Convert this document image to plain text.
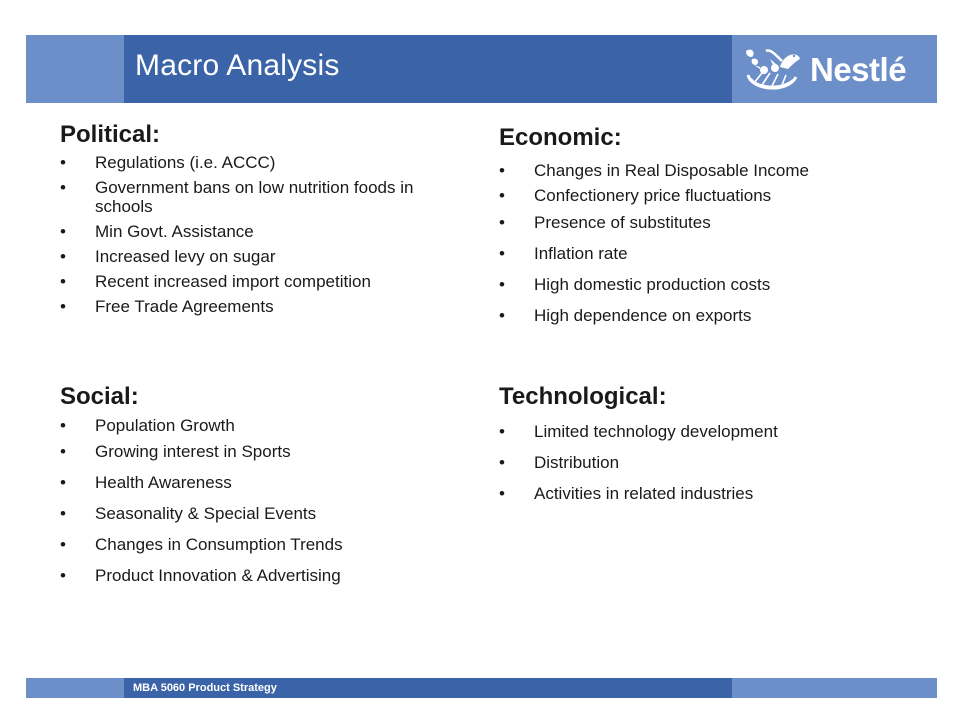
Macro Analysis	Nestlé
Political:
• Regulations (i.e. ACCC)
• Government bans on low nutrition foods in schools
• Min Govt. Assistance
• Increased levy on sugar
• Recent increased import competition
• Free Trade Agreements
Economic:
• Changes in Real Disposable Income
• Confectionery price fluctuations
• Presence of substitutes
• Inflation rate
• High domestic production costs
• High dependence on exports
Social:
• Population Growth
• Growing interest in Sports
• Health Awareness
• Seasonality & Special Events
• Changes in Consumption Trends
• Product Innovation & Advertising
Technological:
• Limited technology development
• Distribution
• Activities in related industries
MBA 5060 Product Strategy
